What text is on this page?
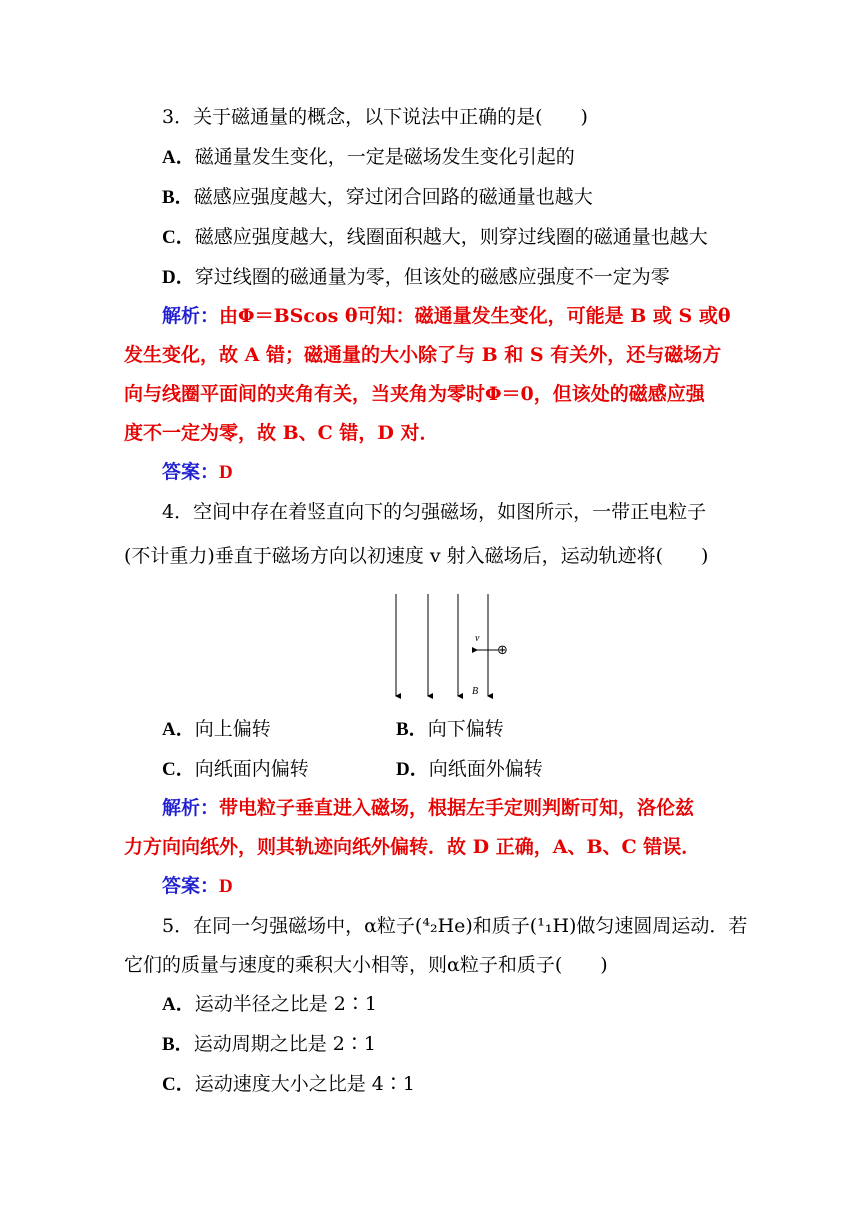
3．关于磁通量的概念，以下说法中正确的是(　　)
A．磁通量发生变化，一定是磁场发生变化引起的
B．磁感应强度越大，穿过闭合回路的磁通量也越大
C．磁感应强度越大，线圈面积越大，则穿过线圈的磁通量也越大
D．穿过线圈的磁通量为零，但该处的磁感应强度不一定为零
解析：由Φ＝BScos θ可知：磁通量发生变化，可能是 B 或 S 或θ
发生变化，故 A 错；磁通量的大小除了与 B 和 S 有关外，还与磁场方
向与线圈平面间的夹角有关，当夹角为零时Φ＝0，但该处的磁感应强
度不一定为零，故 B、C 错，D 对．
答案：D
4．空间中存在着竖直向下的匀强磁场，如图所示，一带正电粒子
(不计重力)垂直于磁场方向以初速度 v 射入磁场后，运动轨迹将(　　)
v
⊕
B
A．向上偏转	B．向下偏转
C．向纸面内偏转	D．向纸面外偏转
解析：带电粒子垂直进入磁场，根据左手定则判断可知，洛伦兹
力方向向纸外，则其轨迹向纸外偏转．故 D 正确，A、B、C 错误．
答案：D
5．在同一匀强磁场中，α粒子(⁴₂He)和质子(¹₁H)做匀速圆周运动．若
它们的质量与速度的乘积大小相等，则α粒子和质子(　　)
A．运动半径之比是 2∶1
B．运动周期之比是 2∶1
C．运动速度大小之比是 4∶1
